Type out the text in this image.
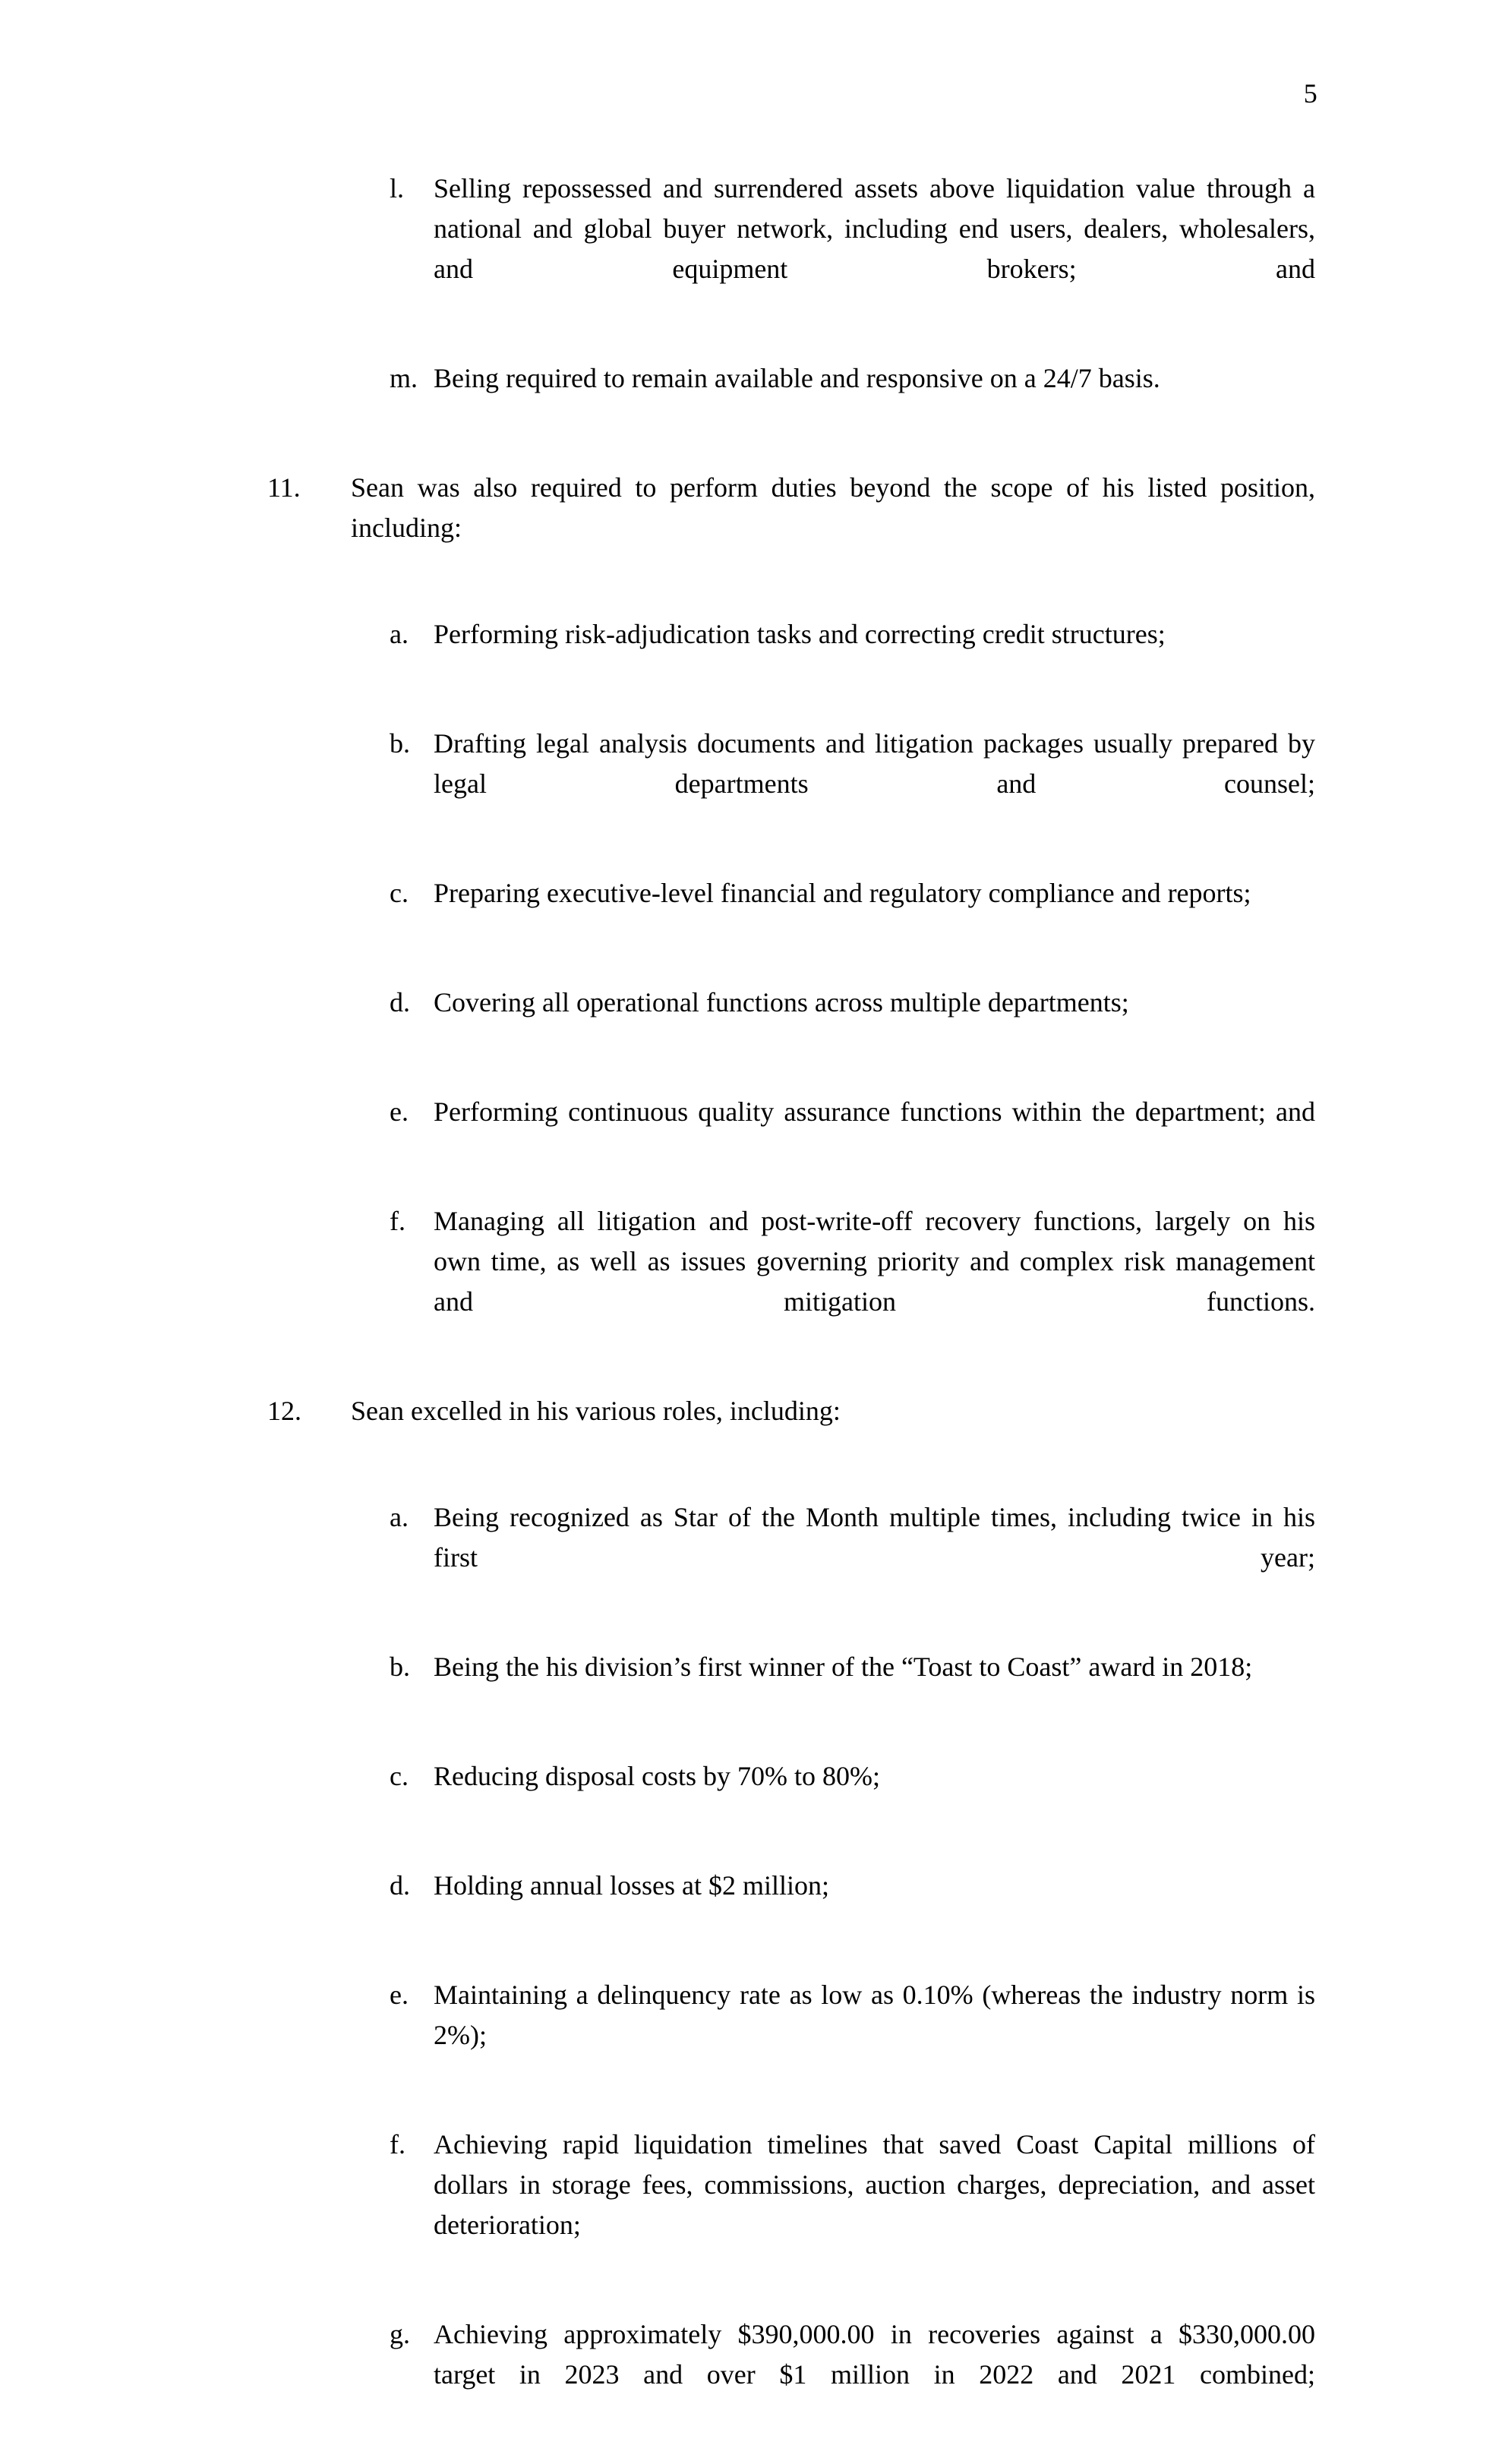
5
l.	Selling repossessed and surrendered assets above liquidation value through a national and global buyer network, including end users, dealers, wholesalers, and equipment brokers; and
m. Being required to remain available and responsive on a 24/7 basis.
11.	Sean was also required to perform duties beyond the scope of his listed position, including:
a. Performing risk-adjudication tasks and correcting credit structures;
b. Drafting legal analysis documents and litigation packages usually prepared by legal departments and counsel;
c. Preparing executive-level financial and regulatory compliance and reports;
d. Covering all operational functions across multiple departments;
e. Performing continuous quality assurance functions within the department; and
f.	Managing all litigation and post-write-off recovery functions, largely on his own time, as well as issues governing priority and complex risk management and mitigation functions.
12.	Sean excelled in his various roles, including:
a. Being recognized as Star of the Month multiple times, including twice in his first year;
b. Being the his division’s first winner of the “Toast to Coast” award in 2018;
c. Reducing disposal costs by 70% to 80%;
d. Holding annual losses at $2 million;
e. Maintaining a delinquency rate as low as 0.10% (whereas the industry norm is 2%);
f.	Achieving rapid liquidation timelines that saved Coast Capital millions of dollars in storage fees, commissions, auction charges, depreciation, and asset deterioration;
g. Achieving approximately $390,000.00 in recoveries against a $330,000.00 target in 2023 and over $1 million in 2022 and 2021 combined;
